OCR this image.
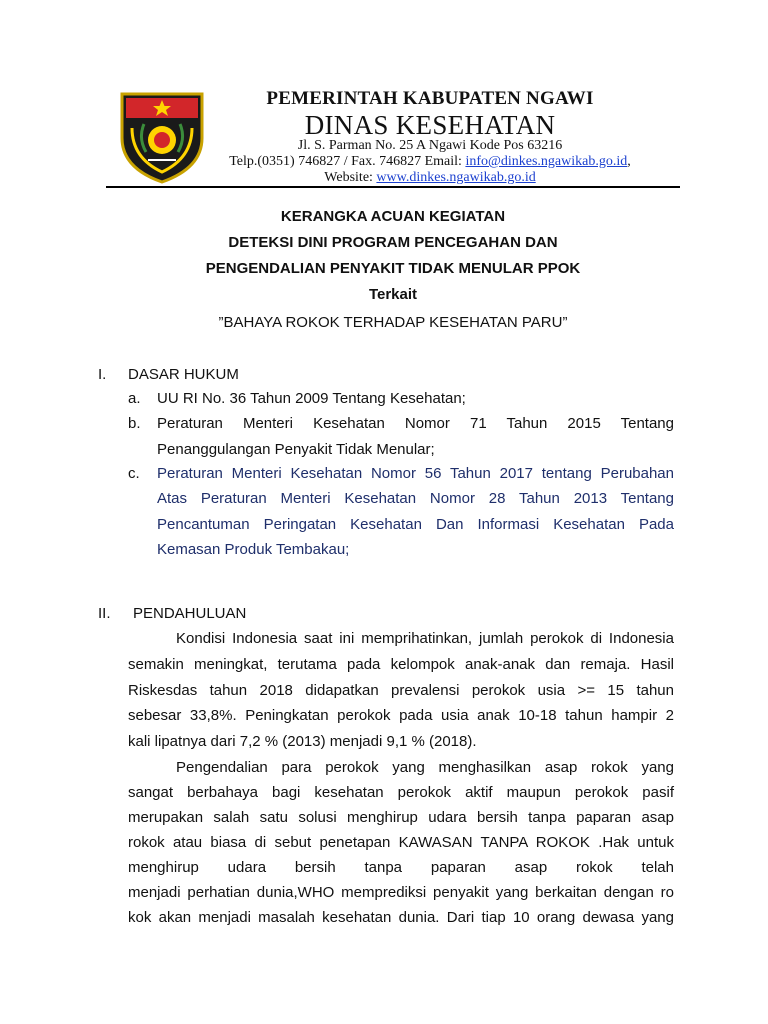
PEMERINTAH KABUPATEN NGAWI
DINAS KESEHATAN
Jl. S. Parman No. 25 A Ngawi Kode Pos 63216
Telp.(0351) 746827 / Fax. 746827 Email: info@dinkes.ngawikab.go.id,
Website: www.dinkes.ngawikab.go.id
KERANGKA ACUAN KEGIATAN
DETEKSI DINI PROGRAM PENCEGAHAN DAN
PENGENDALIAN PENYAKIT TIDAK MENULAR PPOK
Terkait
”BAHAYA ROKOK TERHADAP KESEHATAN PARU”
I. DASAR HUKUM
a. UU RI No. 36 Tahun 2009 Tentang Kesehatan;
b. Peraturan Menteri Kesehatan Nomor 71 Tahun 2015 Tentang
Penanggulangan Penyakit Tidak Menular;
c. Peraturan Menteri Kesehatan Nomor 56 Tahun 2017 tentang Perubahan
Atas Peraturan Menteri Kesehatan Nomor 28 Tahun 2013 Tentang
Pencantuman Peringatan Kesehatan Dan Informasi Kesehatan Pada
Kemasan Produk Tembakau;
II. PENDAHULUAN
Kondisi Indonesia saat ini memprihatinkan, jumlah perokok di Indonesia
semakin meningkat, terutama pada kelompok anak-anak dan remaja. Hasil
Riskesdas tahun 2018 didapatkan prevalensi perokok usia >= 15 tahun
sebesar 33,8%. Peningkatan perokok pada usia anak 10-18 tahun hampir 2
kali lipatnya dari 7,2 % (2013) menjadi 9,1 % (2018).
Pengendalian para perokok yang menghasilkan asap rokok yang
sangat berbahaya bagi kesehatan perokok aktif maupun perokok pasif
merupakan salah satu solusi menghirup udara bersih tanpa paparan asap
rokok atau biasa di sebut penetapan KAWASAN TANPA ROKOK .Hak untuk
menghirup udara bersih tanpa paparan asap rokok telah
menjadi perhatian dunia,WHO memprediksi penyakit yang berkaitan dengan ro
kok akan menjadi masalah kesehatan dunia. Dari tiap 10 orang dewasa yang
